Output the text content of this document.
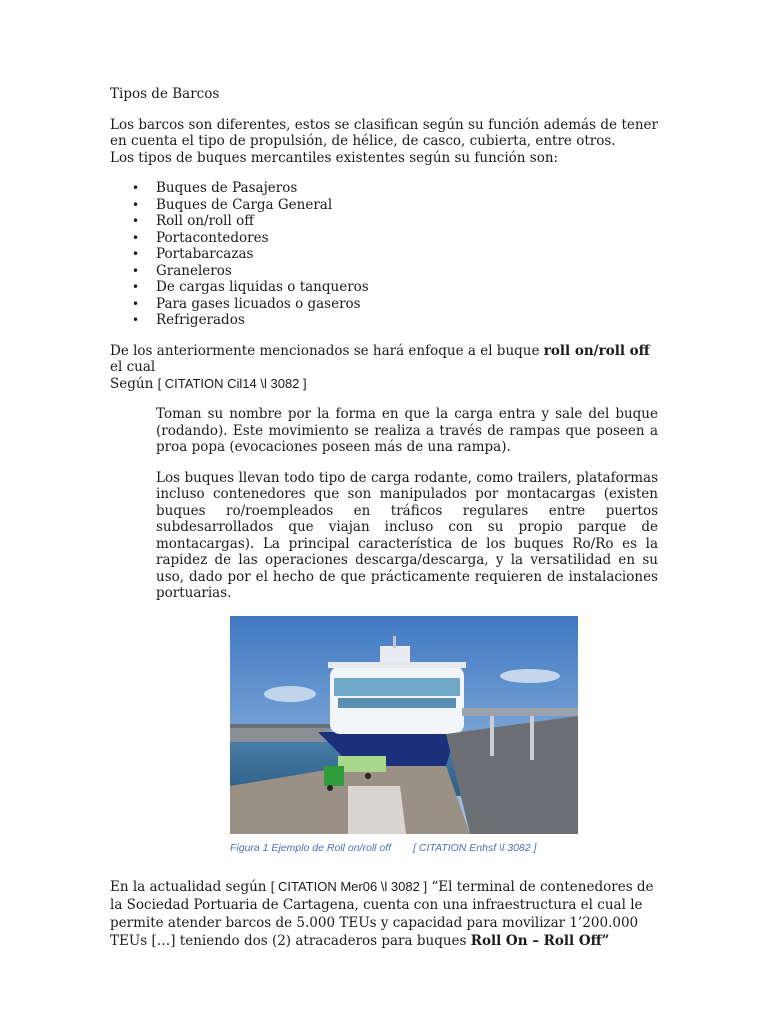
Tipos de Barcos

Los barcos son diferentes, estos se clasifican según su función además de tener en cuenta el tipo de propulsión, de hélice, de casco, cubierta, entre otros.

Los tipos de buques mercantiles existentes según su función son:

• Buques de Pasajeros
• Buques de Carga General
• Roll on/roll off
• Portacontedores
• Portabarcazas
• Graneleros
• De cargas liquidas o tanqueros
• Para gases licuados o gaseros
• Refrigerados

De los anteriormente mencionados se hará enfoque a el buque roll on/roll off el cual
Según [ CITATION Cil14 \l 3082 ]

Toman su nombre por la forma en que la carga entra y sale del buque (rodando). Este movimiento se realiza a través de rampas que poseen a proa popa (evocaciones poseen más de una rampa).

Los buques llevan todo tipo de carga rodante, como trailers, plataformas incluso contenedores que son manipulados por montacargas (existen buques ro/roempleados en tráficos regulares entre puertos subdesarrollados que viajan incluso con su propio parque de montacargas). La principal característica de los buques Ro/Ro es la rapidez de las operaciones descarga/descarga, y la versatilidad en su uso, dado por el hecho de que prácticamente requieren de instalaciones portuarias.

Figura 1 Ejemplo de Roll on/roll off [ CITATION Enhsf \l 3082 ]

En la actualidad según [ CITATION Mer06 \l 3082 ] “El terminal de contenedores de la Sociedad Portuaria de Cartagena, cuenta con una infraestructura el cual le permite atender barcos de 5.000 TEUs y capacidad para movilizar 1’200.000 TEUs […] teniendo dos (2) atracaderos para buques Roll On – Roll Off”
